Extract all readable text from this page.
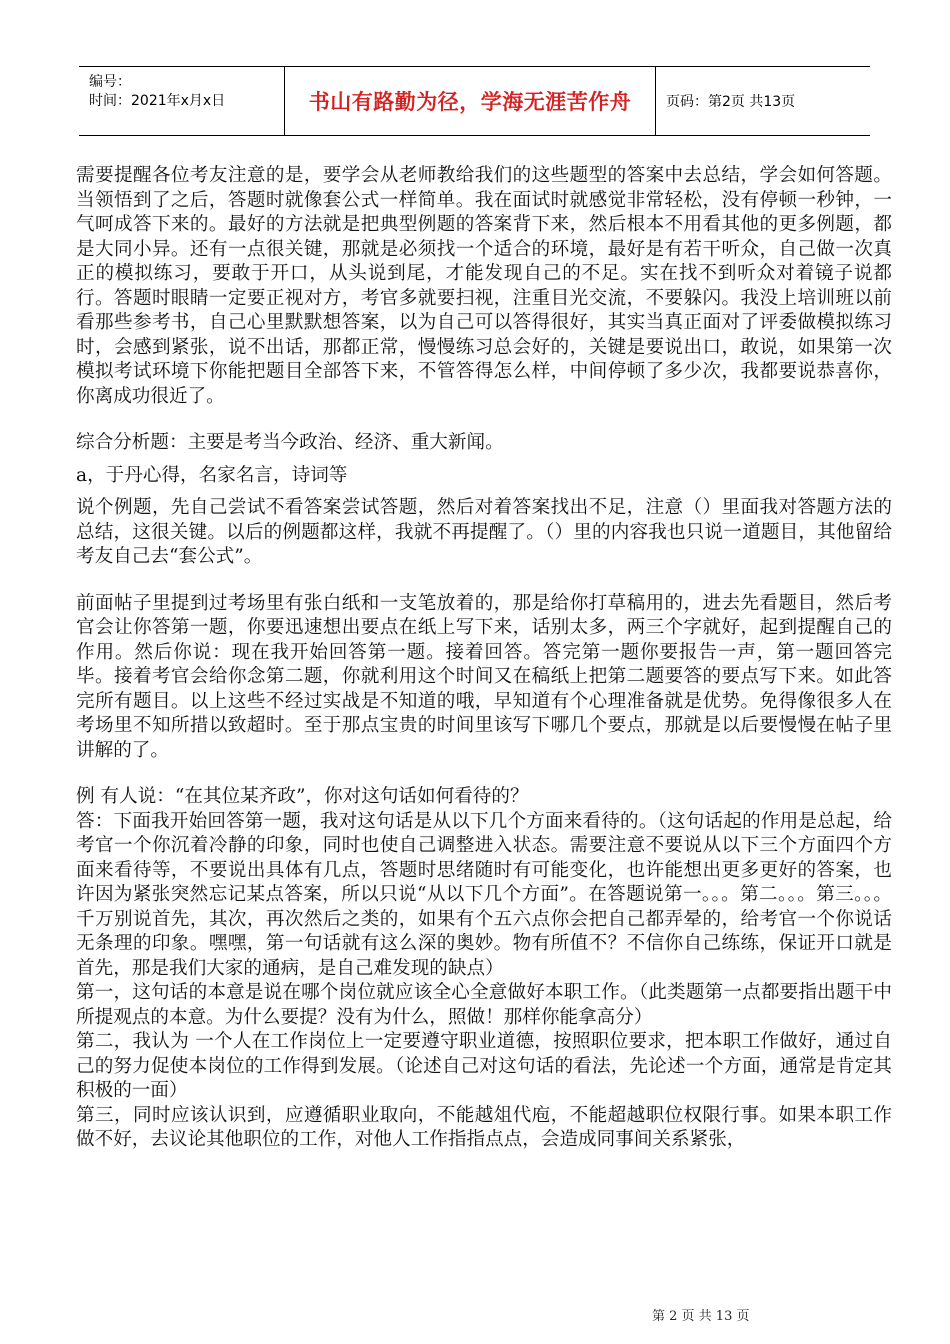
编号：
时间：2021年x月x日	书山有路勤为径，学海无涯苦作舟	页码：第2页 共13页

需要提醒各位考友注意的是，要学会从老师教给我们的这些题型的答案中去总结，学会如何答题。当领悟到了之后，答题时就像套公式一样简单。我在面试时就感觉非常轻松，没有停顿一秒钟，一气呵成答下来的。最好的方法就是把典型例题的答案背下来，然后根本不用看其他的更多例题，都是大同小异。还有一点很关键，那就是必须找一个适合的环境，最好是有若干听众，自己做一次真正的模拟练习，要敢于开口，从头说到尾，才能发现自己的不足。实在找不到听众对着镜子说都行。答题时眼睛一定要正视对方，考官多就要扫视，注重目光交流，不要躲闪。我没上培训班以前看那些参考书，自己心里默默想答案，以为自己可以答得很好，其实当真正面对了评委做模拟练习时，会感到紧张，说不出话，那都正常，慢慢练习总会好的，关键是要说出口，敢说，如果第一次模拟考试环境下你能把题目全部答下来，不管答得怎么样，中间停顿了多少次，我都要说恭喜你，你离成功很近了。

综合分析题：主要是考当今政治、经济、重大新闻。

a，于丹心得，名家名言，诗词等

说个例题，先自己尝试不看答案尝试答题，然后对着答案找出不足，注意（）里面我对答题方法的总结，这很关键。以后的例题都这样，我就不再提醒了。（）里的内容我也只说一道题目，其他留给考友自己去“套公式”。

前面帖子里提到过考场里有张白纸和一支笔放着的，那是给你打草稿用的，进去先看题目，然后考官会让你答第一题，你要迅速想出要点在纸上写下来，话别太多，两三个字就好，起到提醒自己的作用。然后你说：现在我开始回答第一题。接着回答。答完第一题你要报告一声，第一题回答完毕。接着考官会给你念第二题，你就利用这个时间又在稿纸上把第二题要答的要点写下来。如此答完所有题目。以上这些不经过实战是不知道的哦，早知道有个心理准备就是优势。免得像很多人在考场里不知所措以致超时。至于那点宝贵的时间里该写下哪几个要点，那就是以后要慢慢在帖子里讲解的了。

例 有人说：“在其位某齐政”，你对这句话如何看待的？

答：下面我开始回答第一题，我对这句话是从以下几个方面来看待的。（这句话起的作用是总起，给考官一个你沉着冷静的印象，同时也使自己调整进入状态。需要注意不要说从以下三个方面四个方面来看待等，不要说出具体有几点，答题时思绪随时有可能变化，也许能想出更多更好的答案，也许因为紧张突然忘记某点答案，所以只说“从以下几个方面”。在答题说第一。。。第二。。。第三。。。千万别说首先，其次，再次然后之类的，如果有个五六点你会把自己都弄晕的，给考官一个你说话无条理的印象。嘿嘿，第一句话就有这么深的奥妙。物有所值不？不信你自己练练，保证开口就是首先，那是我们大家的通病，是自己难发现的缺点）

第一，这句话的本意是说在哪个岗位就应该全心全意做好本职工作。（此类题第一点都要指出题干中所提观点的本意。为什么要提？没有为什么，照做！那样你能拿高分）

第二，我认为 一个人在工作岗位上一定要遵守职业道德，按照职位要求，把本职工作做好，通过自己的努力促使本岗位的工作得到发展。（论述自己对这句话的看法，先论述一个方面，通常是肯定其积极的一面）

第三，同时应该认识到，应遵循职业取向，不能越俎代庖，不能超越职位权限行事。如果本职工作做不好，去议论其他职位的工作，对他人工作指指点点，会造成同事间关系紧张，

第 2 页 共 13 页
